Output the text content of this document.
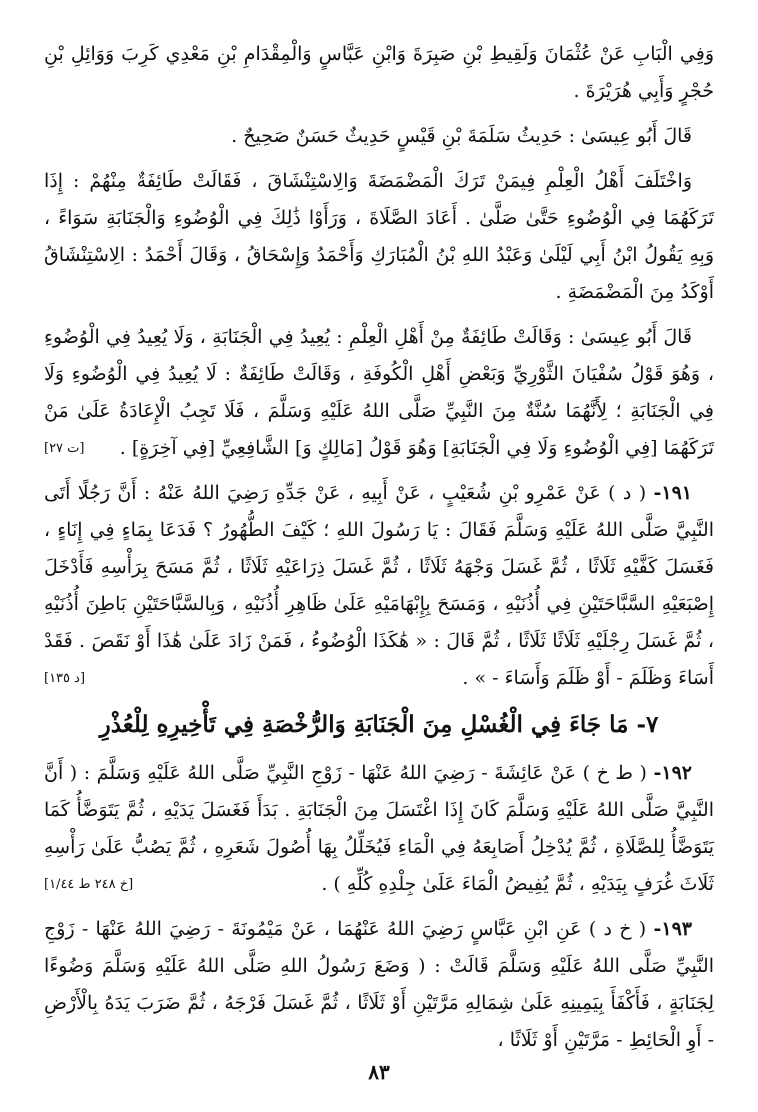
وَفِي الْبَابِ عَنْ عُثْمَانَ وَلَقِيطِ بْنِ صَبِرَةَ وَابْنِ عَبَّاسٍ وَالْمِقْدَامِ بْنِ مَعْدِي كَرِبَ وَوَائِلِ بْنِ حُجْرٍ وَأَبِي هُرَيْرَةَ .

قَالَ أَبُو عِيسَىٰ : حَدِيثُ سَلَمَةَ بْنِ قَيْسٍ حَدِيثٌ حَسَنٌ صَحِيحٌ .

وَاخْتَلَفَ أَهْلُ الْعِلْمِ فِيمَنْ تَرَكَ الْمَضْمَضَةَ وَالِاسْتِنْشَاقَ ، فَقَالَتْ طَائِفَةٌ مِنْهُمْ : إِذَا تَرَكَهُمَا فِي الْوُضُوءِ حَتَّىٰ صَلَّىٰ . أَعَادَ الصَّلَاةَ ، وَرَأَوْا ذَٰلِكَ فِي الْوُضُوءِ وَالْجَنَابَةِ سَوَاءً ، وَبِهِ يَقُولُ ابْنُ أَبِي لَيْلَىٰ وَعَبْدُ اللهِ بْنُ الْمُبَارَكِ وَأَحْمَدُ وَإِسْحَاقُ ، وَقَالَ أَحْمَدُ : الِاسْتِنْشَاقُ أَوْكَدُ مِنَ الْمَضْمَضَةِ .

قَالَ أَبُو عِيسَىٰ : وَقَالَتْ طَائِفَةٌ مِنْ أَهْلِ الْعِلْمِ : يُعِيدُ فِي الْجَنَابَةِ ، وَلَا يُعِيدُ فِي الْوُضُوءِ ، وَهُوَ قَوْلُ سُفْيَانَ الثَّوْرِيِّ وَبَعْضِ أَهْلِ الْكُوفَةِ ، وَقَالَتْ طَائِفَةٌ : لَا يُعِيدُ فِي الْوُضُوءِ وَلَا فِي الْجَنَابَةِ ؛ لِأَنَّهُمَا سُنَّةٌ مِنَ النَّبِيِّ صَلَّى اللهُ عَلَيْهِ وَسَلَّمَ ، فَلَا تَجِبُ الْإِعَادَةُ عَلَىٰ مَنْ تَرَكَهُمَا [فِي الْوُضُوءِ وَلَا فِي الْجَنَابَةِ] وَهُوَ قَوْلُ [مَالِكٍ وَ] الشَّافِعِيِّ [فِي آخِرَةٍ] .
[ت ٢٧]

١٩١- ( د ) عَنْ عَمْرِو بْنِ شُعَيْبٍ ، عَنْ أَبِيهِ ، عَنْ جَدِّهِ رَضِيَ اللهُ عَنْهُ : أَنَّ رَجُلًا أَتَى النَّبِيَّ صَلَّى اللهُ عَلَيْهِ وَسَلَّمَ فَقَالَ : يَا رَسُولَ اللهِ ؛ كَيْفَ الطُّهُورُ ؟ فَدَعَا بِمَاءٍ فِي إِنَاءٍ ، فَغَسَلَ كَفَّيْهِ ثَلَاثًا ، ثُمَّ غَسَلَ وَجْهَهُ ثَلَاثًا ، ثُمَّ غَسَلَ ذِرَاعَيْهِ ثَلَاثًا ، ثُمَّ مَسَحَ بِرَأْسِهِ فَأَدْخَلَ إِصْبَعَيْهِ السَّبَّاحَتَيْنِ فِي أُذُنَيْهِ ، وَمَسَحَ بِإِبْهَامَيْهِ عَلَىٰ ظَاهِرِ أُذُنَيْهِ ، وَبِالسَّبَّاحَتَيْنِ بَاطِنَ أُذُنَيْهِ ، ثُمَّ غَسَلَ رِجْلَيْهِ ثَلَاثًا ثَلَاثًا ، ثُمَّ قَالَ : « هَٰكَذَا الْوُضُوءُ ، فَمَنْ زَادَ عَلَىٰ هَٰذَا أَوْ نَقَصَ . فَقَدْ أَسَاءَ وَظَلَمَ - أَوْ ظَلَمَ وَأَسَاءَ - » .
[د ١٣٥]

٧- مَا جَاءَ فِي الْغُسْلِ مِنَ الْجَنَابَةِ وَالرُّخْصَةِ فِي تَأْخِيرِهِ لِلْعُذْرِ

١٩٢- ( ط خ ) عَنْ عَائِشَةَ - رَضِيَ اللهُ عَنْهَا - زَوْجِ النَّبِيِّ صَلَّى اللهُ عَلَيْهِ وَسَلَّمَ : ( أَنَّ النَّبِيَّ صَلَّى اللهُ عَلَيْهِ وَسَلَّمَ كَانَ إِذَا اغْتَسَلَ مِنَ الْجَنَابَةِ . بَدَأَ فَغَسَلَ يَدَيْهِ ، ثُمَّ يَتَوَضَّأُ كَمَا يَتَوَضَّأُ لِلصَّلَاةِ ، ثُمَّ يُدْخِلُ أَصَابِعَهُ فِي الْمَاءِ فَيُخَلِّلُ بِهَا أُصُولَ شَعَرِهِ ، ثُمَّ يَصُبُّ عَلَىٰ رَأْسِهِ ثَلَاثَ غُرَفٍ بِيَدَيْهِ ، ثُمَّ يُفِيضُ الْمَاءَ عَلَىٰ جِلْدِهِ كُلِّهِ ) .
[خ ٢٤٨ ط ١/٤٤]

١٩٣- ( خ د ) عَنِ ابْنِ عَبَّاسٍ رَضِيَ اللهُ عَنْهُمَا ، عَنْ مَيْمُونَةَ - رَضِيَ اللهُ عَنْهَا - زَوْجِ النَّبِيِّ صَلَّى اللهُ عَلَيْهِ وَسَلَّمَ قَالَتْ : ( وَضَعَ رَسُولُ اللهِ صَلَّى اللهُ عَلَيْهِ وَسَلَّمَ وَضُوءًا لِجَنَابَةٍ ، فَأَكْفَأَ بِيَمِينِهِ عَلَىٰ شِمَالِهِ مَرَّتَيْنِ أَوْ ثَلَاثًا ، ثُمَّ غَسَلَ فَرْجَهُ ، ثُمَّ ضَرَبَ يَدَهُ بِالْأَرْضِ - أَوِ الْحَائِطِ - مَرَّتَيْنِ أَوْ ثَلَاثًا ،

٨٣
